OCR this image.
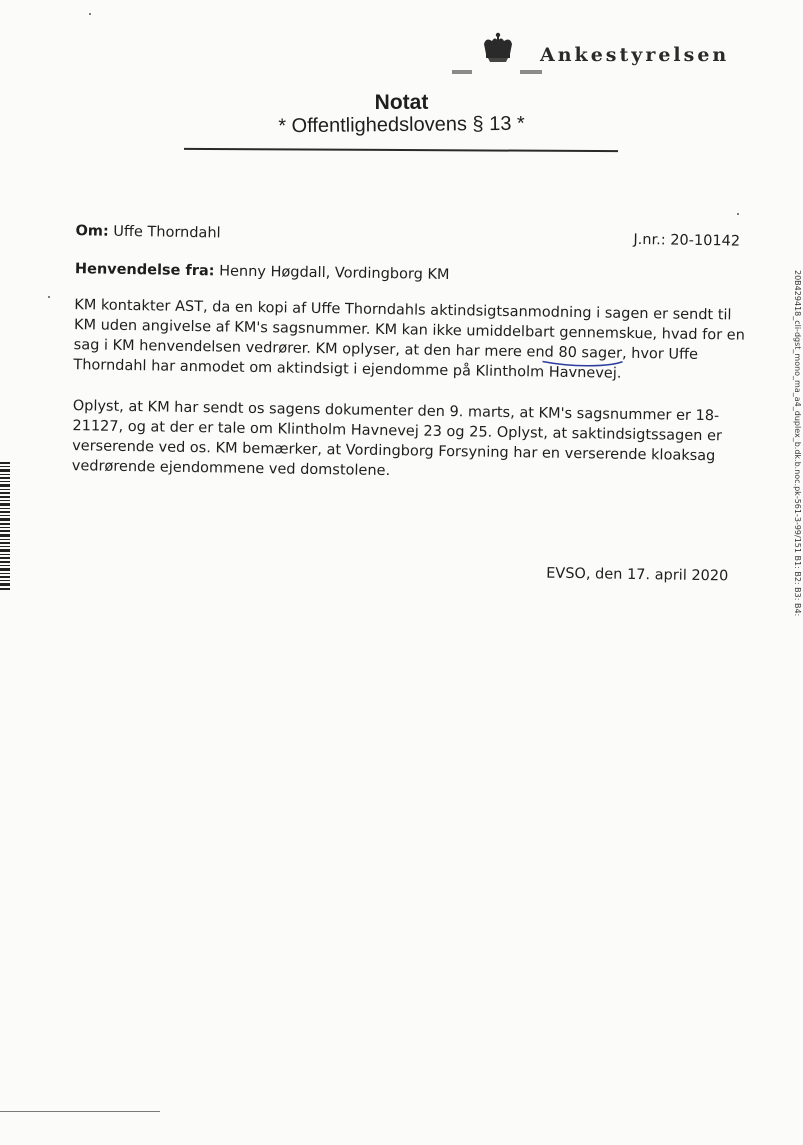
Ankestyrelsen
Notat
* Offentlighedslovens § 13 *
Om: Uffe Thorndahl	J.nr.: 20-10142
Henvendelse fra: Henny Høgdall, Vordingborg KM

KM kontakter AST, da en kopi af Uffe Thorndahls aktindsigtsanmodning i sagen er sendt til

KM uden angivelse af KM's sagsnummer. KM kan ikke umiddelbart gennemskue, hvad for en

sag i KM henvendelsen vedrører. KM oplyser, at den har mere end 80 sager
, hvor Uffe

Thorndahl har anmodet om aktindsigt i ejendomme på Klintholm Havnevej.

Oplyst, at KM har sendt os sagens dokumenter den 9. marts, at KM's sagsnummer er 18-

21127, og at der er tale om Klintholm Havnevej 23 og 25. Oplyst, at saktindsigtssagen er

verserende ved os. KM bemærker, at Vordingborg Forsyning har en verserende kloaksag

vedrørende ejendommene ved domstolene.

EVSO, den 17. april 2020	20B429418_cli-dgst_mono_ma_a4_duplex_b.dk.b.noc.pk-561-3-99/151 B1: B2: B3: B4:
